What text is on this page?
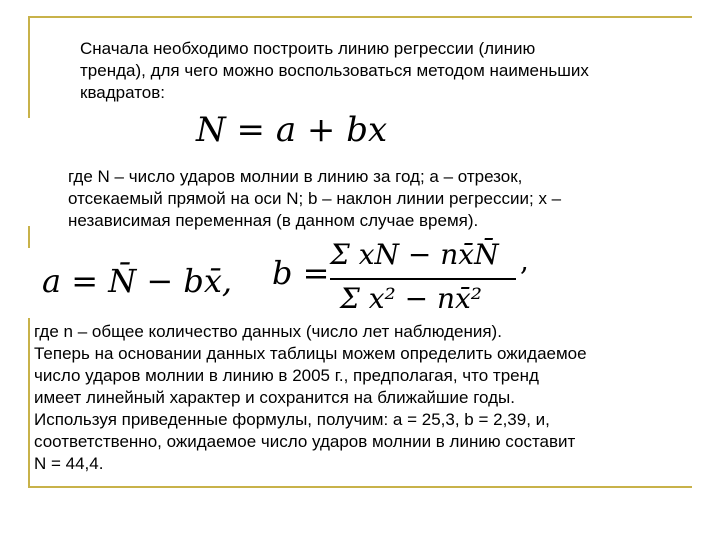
Сначала необходимо построить линию регрессии (линию
тренда), для чего можно воспользоваться методом наименьших
квадратов:
N = a + bx
где N – число ударов молнии в линию за год; a – отрезок,
отсекаемый прямой на оси N; b – наклон линии регрессии; x –
независимая переменная (в данном случае время).
a = N̄ − bx̄, b = Σ xN − nx̄N̄
Σ x² − nx̄²
,
где n – общее количество данных (число лет наблюдения).
Теперь на основании данных таблицы можем определить ожидаемое
число ударов молнии в линию в 2005 г., предполагая, что тренд
имеет линейный характер и сохранится на ближайшие годы.
Используя приведенные формулы, получим: a = 25,3, b = 2,39, и,
соответственно, ожидаемое число ударов молнии в линию составит
N = 44,4.
